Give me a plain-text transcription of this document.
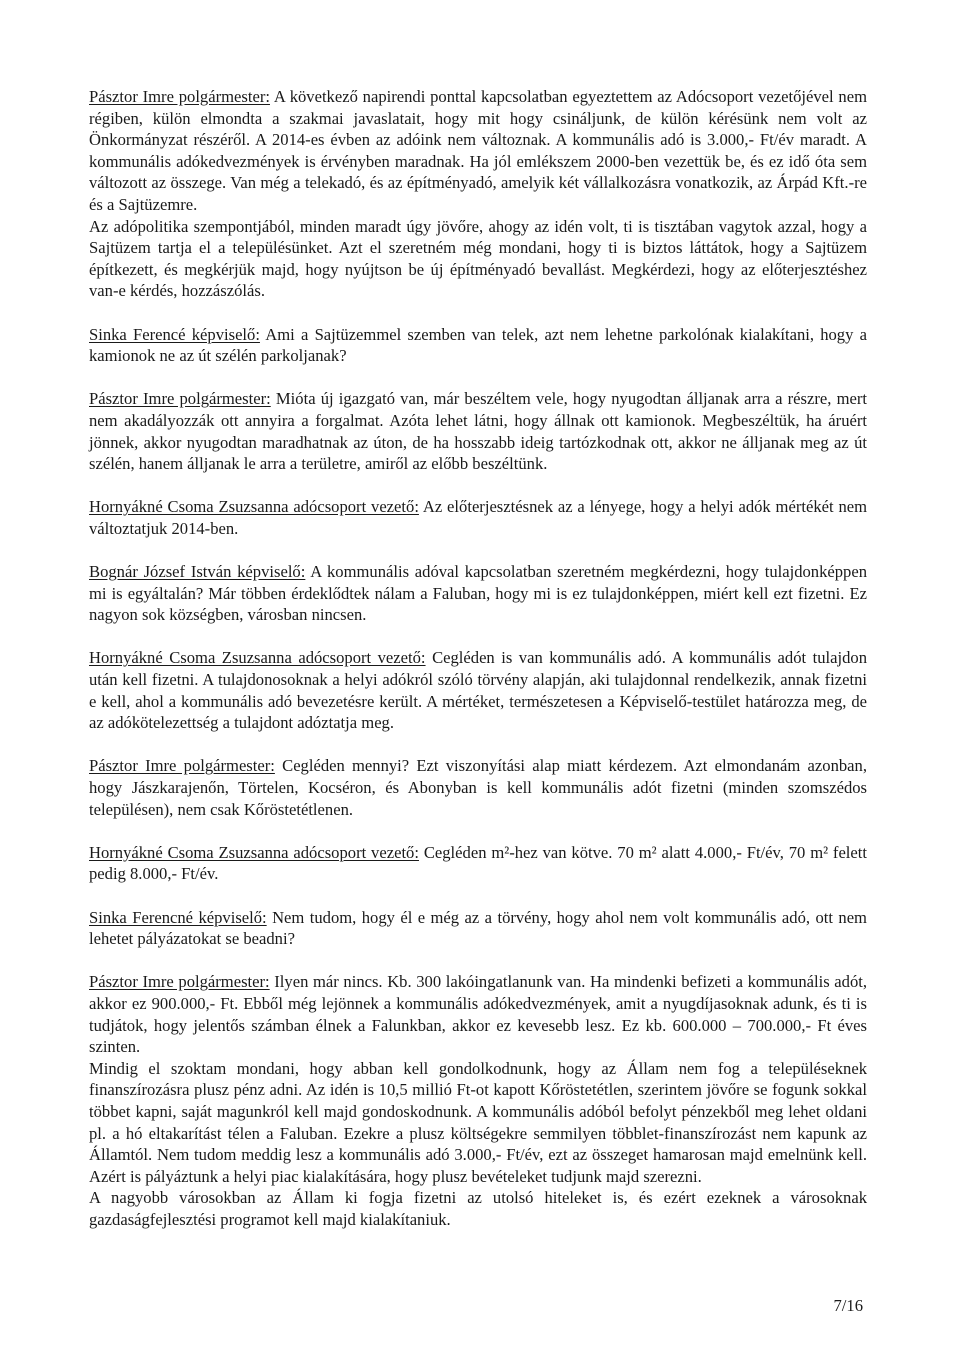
Pásztor Imre polgármester: A következő napirendi ponttal kapcsolatban egyeztettem az Adócsoport vezetőjével nem régiben, külön elmondta a szakmai javaslatait, hogy mit hogy csináljunk, de külön kérésünk nem volt az Önkormányzat részéről. A 2014-es évben az adóink nem változnak. A kommunális adó is 3.000,- Ft/év maradt. A kommunális adókedvezmények is érvényben maradnak. Ha jól emlékszem 2000-ben vezettük be, és ez idő óta sem változott az összege. Van még a telekadó, és az építményadó, amelyik két vállalkozásra vonatkozik, az Árpád Kft.-re és a Sajtüzemre.

Az adópolitika szempontjából, minden maradt úgy jövőre, ahogy az idén volt, ti is tisztában vagytok azzal, hogy a Sajtüzem tartja el a településünket. Azt el szeretném még mondani, hogy ti is biztos láttátok, hogy a Sajtüzem építkezett, és megkérjük majd, hogy nyújtson be új építményadó bevallást. Megkérdezi, hogy az előterjesztéshez van-e kérdés, hozzászólás.

Sinka Ferencé képviselő: Ami a Sajtüzemmel szemben van telek, azt nem lehetne parkolónak kialakítani, hogy a kamionok ne az út szélén parkoljanak?

Pásztor Imre polgármester: Mióta új igazgató van, már beszéltem vele, hogy nyugodtan álljanak arra a részre, mert nem akadályozzák ott annyira a forgalmat. Azóta lehet látni, hogy állnak ott kamionok. Megbeszéltük, ha áruért jönnek, akkor nyugodtan maradhatnak az úton, de ha hosszabb ideig tartózkodnak ott, akkor ne álljanak meg az út szélén, hanem álljanak le arra a területre, amiről az előbb beszéltünk.

Hornyákné Csoma Zsuzsanna adócsoport vezető: Az előterjesztésnek az a lényege, hogy a helyi adók mértékét nem változtatjuk 2014-ben.

Bognár József István képviselő: A kommunális adóval kapcsolatban szeretném megkérdezni, hogy tulajdonképpen mi is egyáltalán? Már többen érdeklődtek nálam a Faluban, hogy mi is ez tulajdonképpen, miért kell ezt fizetni. Ez nagyon sok községben, városban nincsen.

Hornyákné Csoma Zsuzsanna adócsoport vezető: Cegléden is van kommunális adó. A kommunális adót tulajdon után kell fizetni. A tulajdonosoknak a helyi adókról szóló törvény alapján, aki tulajdonnal rendelkezik, annak fizetni e kell, ahol a kommunális adó bevezetésre került. A mértéket, természetesen a Képviselő-testület határozza meg, de az adókötelezettség a tulajdont adóztatja meg.

Pásztor Imre polgármester: Cegléden mennyi? Ezt viszonyítási alap miatt kérdezem. Azt elmondanám azonban, hogy Jászkarajenőn, Törtelen, Kocséron, és Abonyban is kell kommunális adót fizetni (minden szomszédos településen), nem csak Kőröstetétlenen.

Hornyákné Csoma Zsuzsanna adócsoport vezető: Cegléden m²-hez van kötve. 70 m² alatt 4.000,- Ft/év, 70 m² felett pedig 8.000,- Ft/év.

Sinka Ferencné képviselő: Nem tudom, hogy él e még az a törvény, hogy ahol nem volt kommunális adó, ott nem lehetet pályázatokat se beadni?

Pásztor Imre polgármester: Ilyen már nincs. Kb. 300 lakóingatlanunk van. Ha mindenki befizeti a kommunális adót, akkor ez 900.000,- Ft. Ebből még lejönnek a kommunális adókedvezmények, amit a nyugdíjasoknak adunk, és ti is tudjátok, hogy jelentős számban élnek a Falunkban, akkor ez kevesebb lesz. Ez kb. 600.000 – 700.000,- Ft éves szinten.

Mindig el szoktam mondani, hogy abban kell gondolkodnunk, hogy az Állam nem fog a településeknek finanszírozásra plusz pénz adni. Az idén is 10,5 millió Ft-ot kapott Kőröstetétlen, szerintem jövőre se fogunk sokkal többet kapni, saját magunkról kell majd gondoskodnunk. A kommunális adóból befolyt pénzekből meg lehet oldani pl. a hó eltakarítást télen a Faluban. Ezekre a plusz költségekre semmilyen többlet-finanszírozást nem kapunk az Államtól. Nem tudom meddig lesz a kommunális adó 3.000,- Ft/év, ezt az összeget hamarosan majd emelnünk kell. Azért is pályáztunk a helyi piac kialakítására, hogy plusz bevételeket tudjunk majd szerezni.

A nagyobb városokban az Állam ki fogja fizetni az utolsó hiteleket is, és ezért ezeknek a városoknak gazdaságfejlesztési programot kell majd kialakítaniuk.

7/16
